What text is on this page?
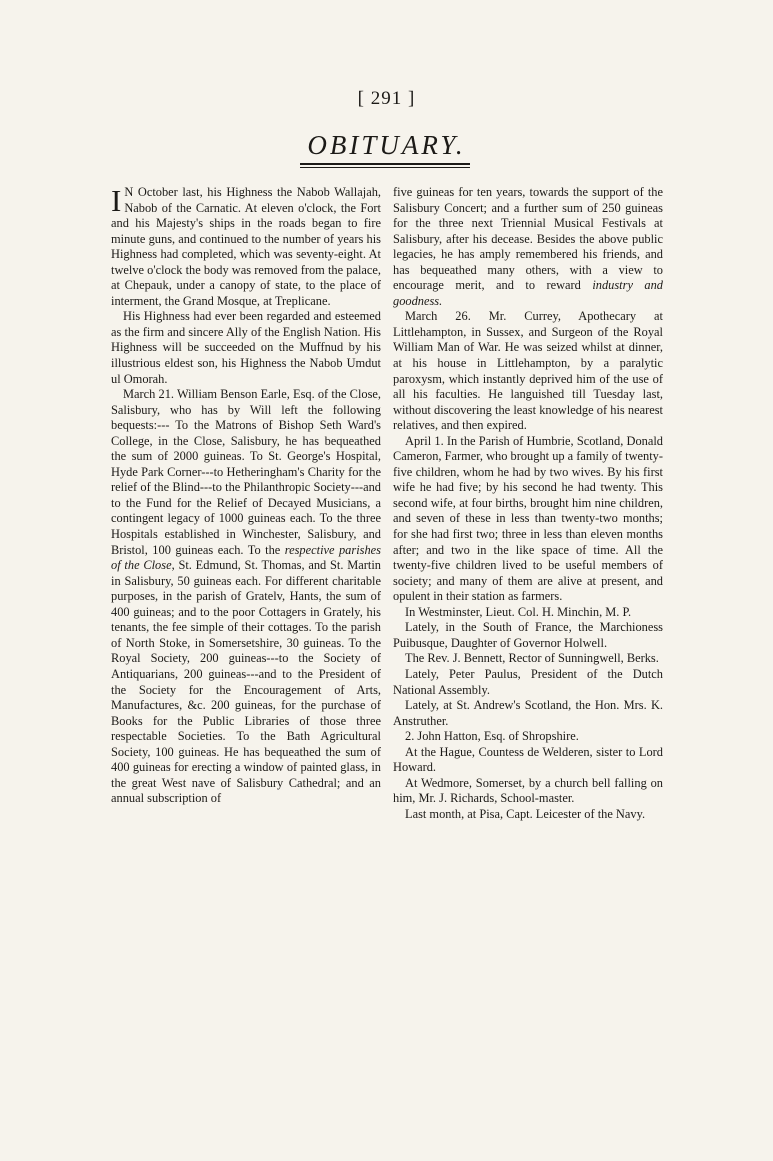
[ 291 ]
OBITUARY.

I N October last, his Highness the Nabob Wallajah, Nabob of the Carnatic. At eleven o'clock, the Fort and his Majesty's ships in the roads began to fire minute guns, and continued to the number of years his Highness had completed, which was seventy-eight. At twelve o'clock the body was removed from the palace, at Chepauk, under a canopy of state, to the place of interment, the Grand Mosque, at Treplicane.

His Highness had ever been regarded and esteemed as the firm and sincere Ally of the English Nation. His Highness will be succeeded on the Muffnud by his illustrious eldest son, his Highness the Nabob Umdut ul Omorah.

March 21. William Benson Earle, Esq. of the Close, Salisbury, who has by Will left the following bequests:--- To the Matrons of Bishop Seth Ward's College, in the Close, Salisbury, he has bequeathed the sum of 2000 guineas. To St. George's Hospital, Hyde Park Corner---to Hetheringham's Charity for the relief of the Blind---to the Philanthropic Society---and to the Fund for the Relief of Decayed Musicians, a contingent legacy of 1000 guineas each. To the three Hospitals established in Winchester, Salisbury, and Bristol, 100 guineas each. To the respective parishes of the Close, St. Edmund, St. Thomas, and St. Martin in Salisbury, 50 guineas each. For different charitable purposes, in the parish of Gratelv, Hants, the sum of 400 guineas; and to the poor Cottagers in Grately, his tenants, the fee simple of their cottages. To the parish of North Stoke, in Somersetshire, 30 guineas. To the Royal Society, 200 guineas---to the Society of Antiquarians, 200 guineas---and to the President of the Society for the Encouragement of Arts, Manufactures, &c. 200 guineas, for the purchase of Books for the Public Libraries of those three respectable Societies. To the Bath Agricultural Society, 100 guineas. He has bequeathed the sum of 400 guineas for erecting a window of painted glass, in the great West nave of Salisbury Cathedral; and an annual subscription of

five guineas for ten years, towards the support of the Salisbury Concert; and a further sum of 250 guineas for the three next Triennial Musical Festivals at Salisbury, after his decease. Besides the above public legacies, he has amply remembered his friends, and has bequeathed many others, with a view to encourage merit, and to reward industry and goodness.

March 26. Mr. Currey, Apothecary at Littlehampton, in Sussex, and Surgeon of the Royal William Man of War. He was seized whilst at dinner, at his house in Littlehampton, by a paralytic paroxysm, which instantly deprived him of the use of all his faculties. He languished till Tuesday last, without discovering the least knowledge of his nearest relatives, and then expired.

April 1. In the Parish of Humbrie, Scotland, Donald Cameron, Farmer, who brought up a family of twenty-five children, whom he had by two wives. By his first wife he had five; by his second he had twenty. This second wife, at four births, brought him nine children, and seven of these in less than twenty-two months; for she had first two; three in less than eleven months after; and two in the like space of time. All the twenty-five children lived to be useful members of society; and many of them are alive at present, and opulent in their station as farmers.

In Westminster, Lieut. Col. H. Minchin, M. P.

Lately, in the South of France, the Marchioness Puibusque, Daughter of Governor Holwell.

The Rev. J. Bennett, Rector of Sunningwell, Berks.

Lately, Peter Paulus, President of the Dutch National Assembly.

Lately, at St. Andrew's Scotland, the Hon. Mrs. K. Anstruther.

2. John Hatton, Esq. of Shropshire.

At the Hague, Countess de Welderen, sister to Lord Howard.

At Wedmore, Somerset, by a church bell falling on him, Mr. J. Richards, School-master.

Last month, at Pisa, Capt. Leicester of the Navy.
